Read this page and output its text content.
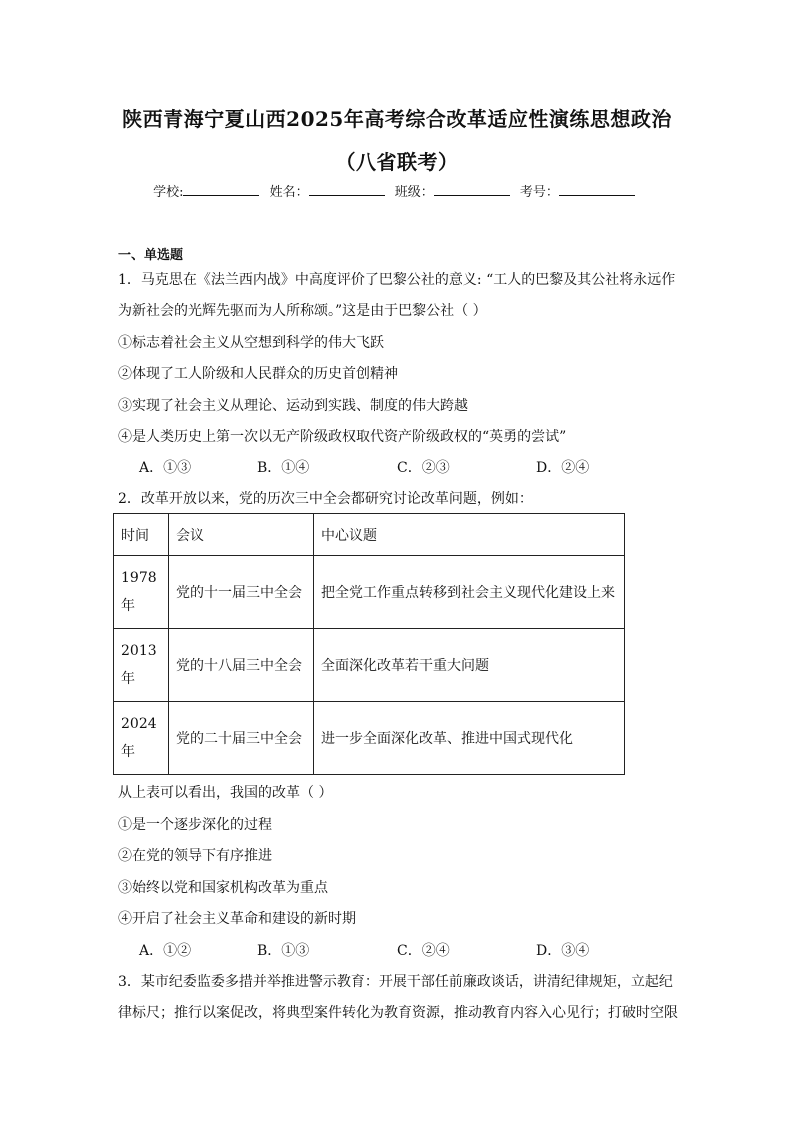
陕西青海宁夏山西2025年高考综合改革适应性演练思想政治
（八省联考）
学校:	姓名：	班级：	考号：
一、单选题
1．马克思在《法兰西内战》中高度评价了巴黎公社的意义: “工人的巴黎及其公社将永远作
为新社会的光辉先驱而为人所称颂。”这是由于巴黎公社（ ）
①标志着社会主义从空想到科学的伟大飞跃
②体现了工人阶级和人民群众的历史首创精神
③实现了社会主义从理论、运动到实践、制度的伟大跨越
④是人类历史上第一次以无产阶级政权取代资产阶级政权的“英勇的尝试”
A．①③	B．①④	C．②③	D．②④
2．改革开放以来，党的历次三中全会都研究讨论改革问题，例如：
时间	会议	中心议题
1978
年	党的十一届三中全会	把全党工作重点转移到社会主义现代化建设上来
2013
年	党的十八届三中全会	全面深化改革若干重大问题
2024
年	党的二十届三中全会	进一步全面深化改革、推进中国式现代化
从上表可以看出，我国的改革（ ）
①是一个逐步深化的过程
②在党的领导下有序推进
③始终以党和国家机构改革为重点
④开启了社会主义革命和建设的新时期
A．①②	B．①③	C．②④	D．③④
3．某市纪委监委多措并举推进警示教育：开展干部任前廉政谈话，讲清纪律规矩，立起纪
律标尺；推行以案促改，将典型案件转化为教育资源，推动教育内容入心见行；打破时空限
